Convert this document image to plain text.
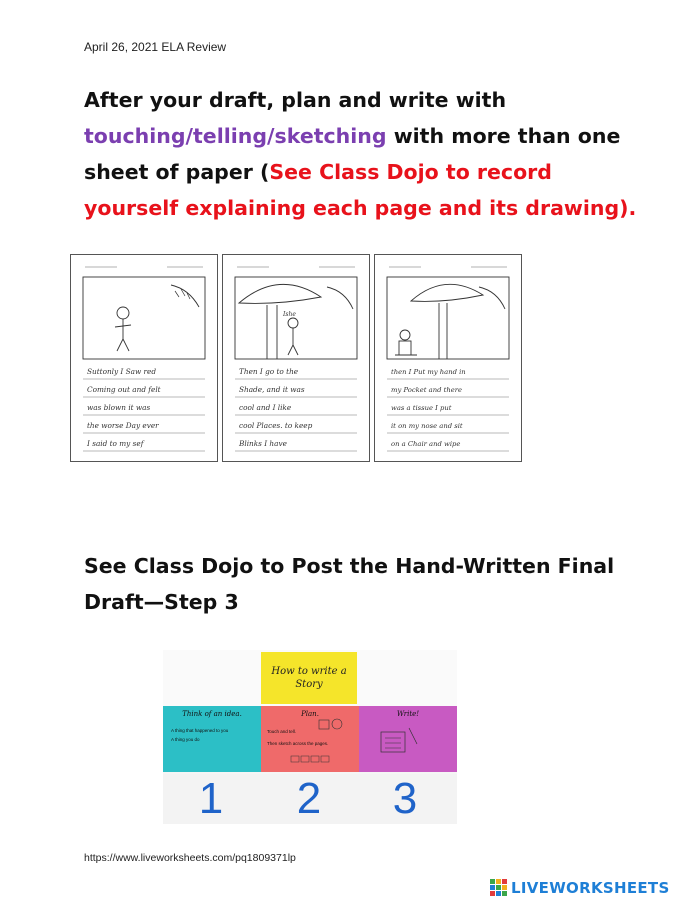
April 26, 2021 ELA Review
After your draft, plan and write with touching/telling/sketching with more than one sheet of paper (See Class Dojo to record yourself explaining each page and its drawing).
Suttonly I Saw red
Coming out and felt
was blown it was
the worse Day ever
I said to my sef
Ishe
Then I go to the
Shade, and it was
cool and I like
cool Places. to keep
Blinks I have
then I Put my hand in
my Pocket and there
was a tissue I put
it on my nose and sit
on a Chair and wipe
See Class Dojo to Post the Hand-Written Final Draft—Step 3
How to write a Story
Think of an idea.
A thing that happened to you
A thing you do
Plan.
Touch and tell.
Then sketch across the pages.
Write!
1 2 3
https://www.liveworksheets.com/pq1809371lp
LIVEWORKSHEETS
